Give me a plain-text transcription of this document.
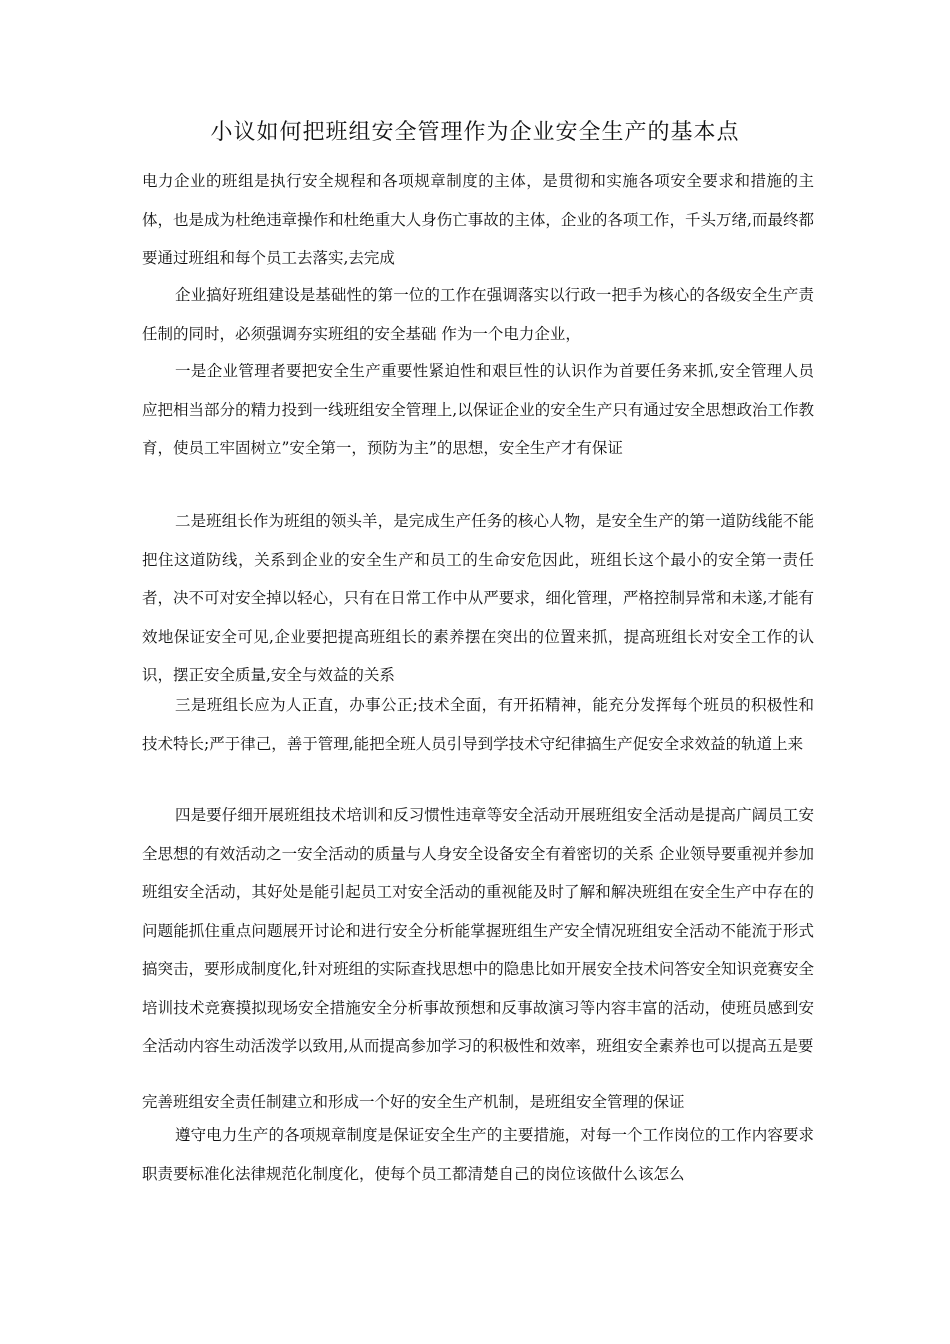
小议如何把班组安全管理作为企业安全生产的基本点

电力企业的班组是执行安全规程和各项规章制度的主体，是贯彻和实施各项安全要求和措施的主体，也是成为杜绝违章操作和杜绝重大人身伤亡事故的主体，企业的各项工作，千头万绪,而最终都要通过班组和每个员工去落实,去完成

企业搞好班组建设是基础性的第一位的工作在强调落实以行政一把手为核心的各级安全生产责任制的同时，必须强调夯实班组的安全基础 作为一个电力企业，

一是企业管理者要把安全生产重要性紧迫性和艰巨性的认识作为首要任务来抓,安全管理人员应把相当部分的精力投到一线班组安全管理上,以保证企业的安全生产只有通过安全思想政治工作教育，使员工牢固树立”安全第一，预防为主”的思想，安全生产才有保证

二是班组长作为班组的领头羊，是完成生产任务的核心人物，是安全生产的第一道防线能不能把住这道防线，关系到企业的安全生产和员工的生命安危因此，班组长这个最小的安全第一责任者，决不可对安全掉以轻心，只有在日常工作中从严要求，细化管理，严格控制异常和未遂,才能有效地保证安全可见,企业要把提高班组长的素养摆在突出的位置来抓，提高班组长对安全工作的认识，摆正安全质量,安全与效益的关系

三是班组长应为人正直，办事公正;技术全面，有开拓精神，能充分发挥每个班员的积极性和技术特长;严于律己，善于管理,能把全班人员引导到学技术守纪律搞生产促安全求效益的轨道上来

四是要仔细开展班组技术培训和反习惯性违章等安全活动开展班组安全活动是提高广阔员工安全思想的有效活动之一安全活动的质量与人身安全设备安全有着密切的关系 企业领导要重视并参加班组安全活动，其好处是能引起员工对安全活动的重视能及时了解和解决班组在安全生产中存在的问题能抓住重点问题展开讨论和进行安全分析能掌握班组生产安全情况班组安全活动不能流于形式搞突击，要形成制度化,针对班组的实际查找思想中的隐患比如开展安全技术问答安全知识竞赛安全培训技术竞赛摸拟现场安全措施安全分析事故预想和反事故演习等内容丰富的活动，使班员感到安全活动内容生动活泼学以致用,从而提高参加学习的积极性和效率，班组安全素养也可以提高五是要

完善班组安全责任制建立和形成一个好的安全生产机制，是班组安全管理的保证

遵守电力生产的各项规章制度是保证安全生产的主要措施，对每一个工作岗位的工作内容要求职责要标准化法律规范化制度化，使每个员工都清楚自己的岗位该做什么该怎么
